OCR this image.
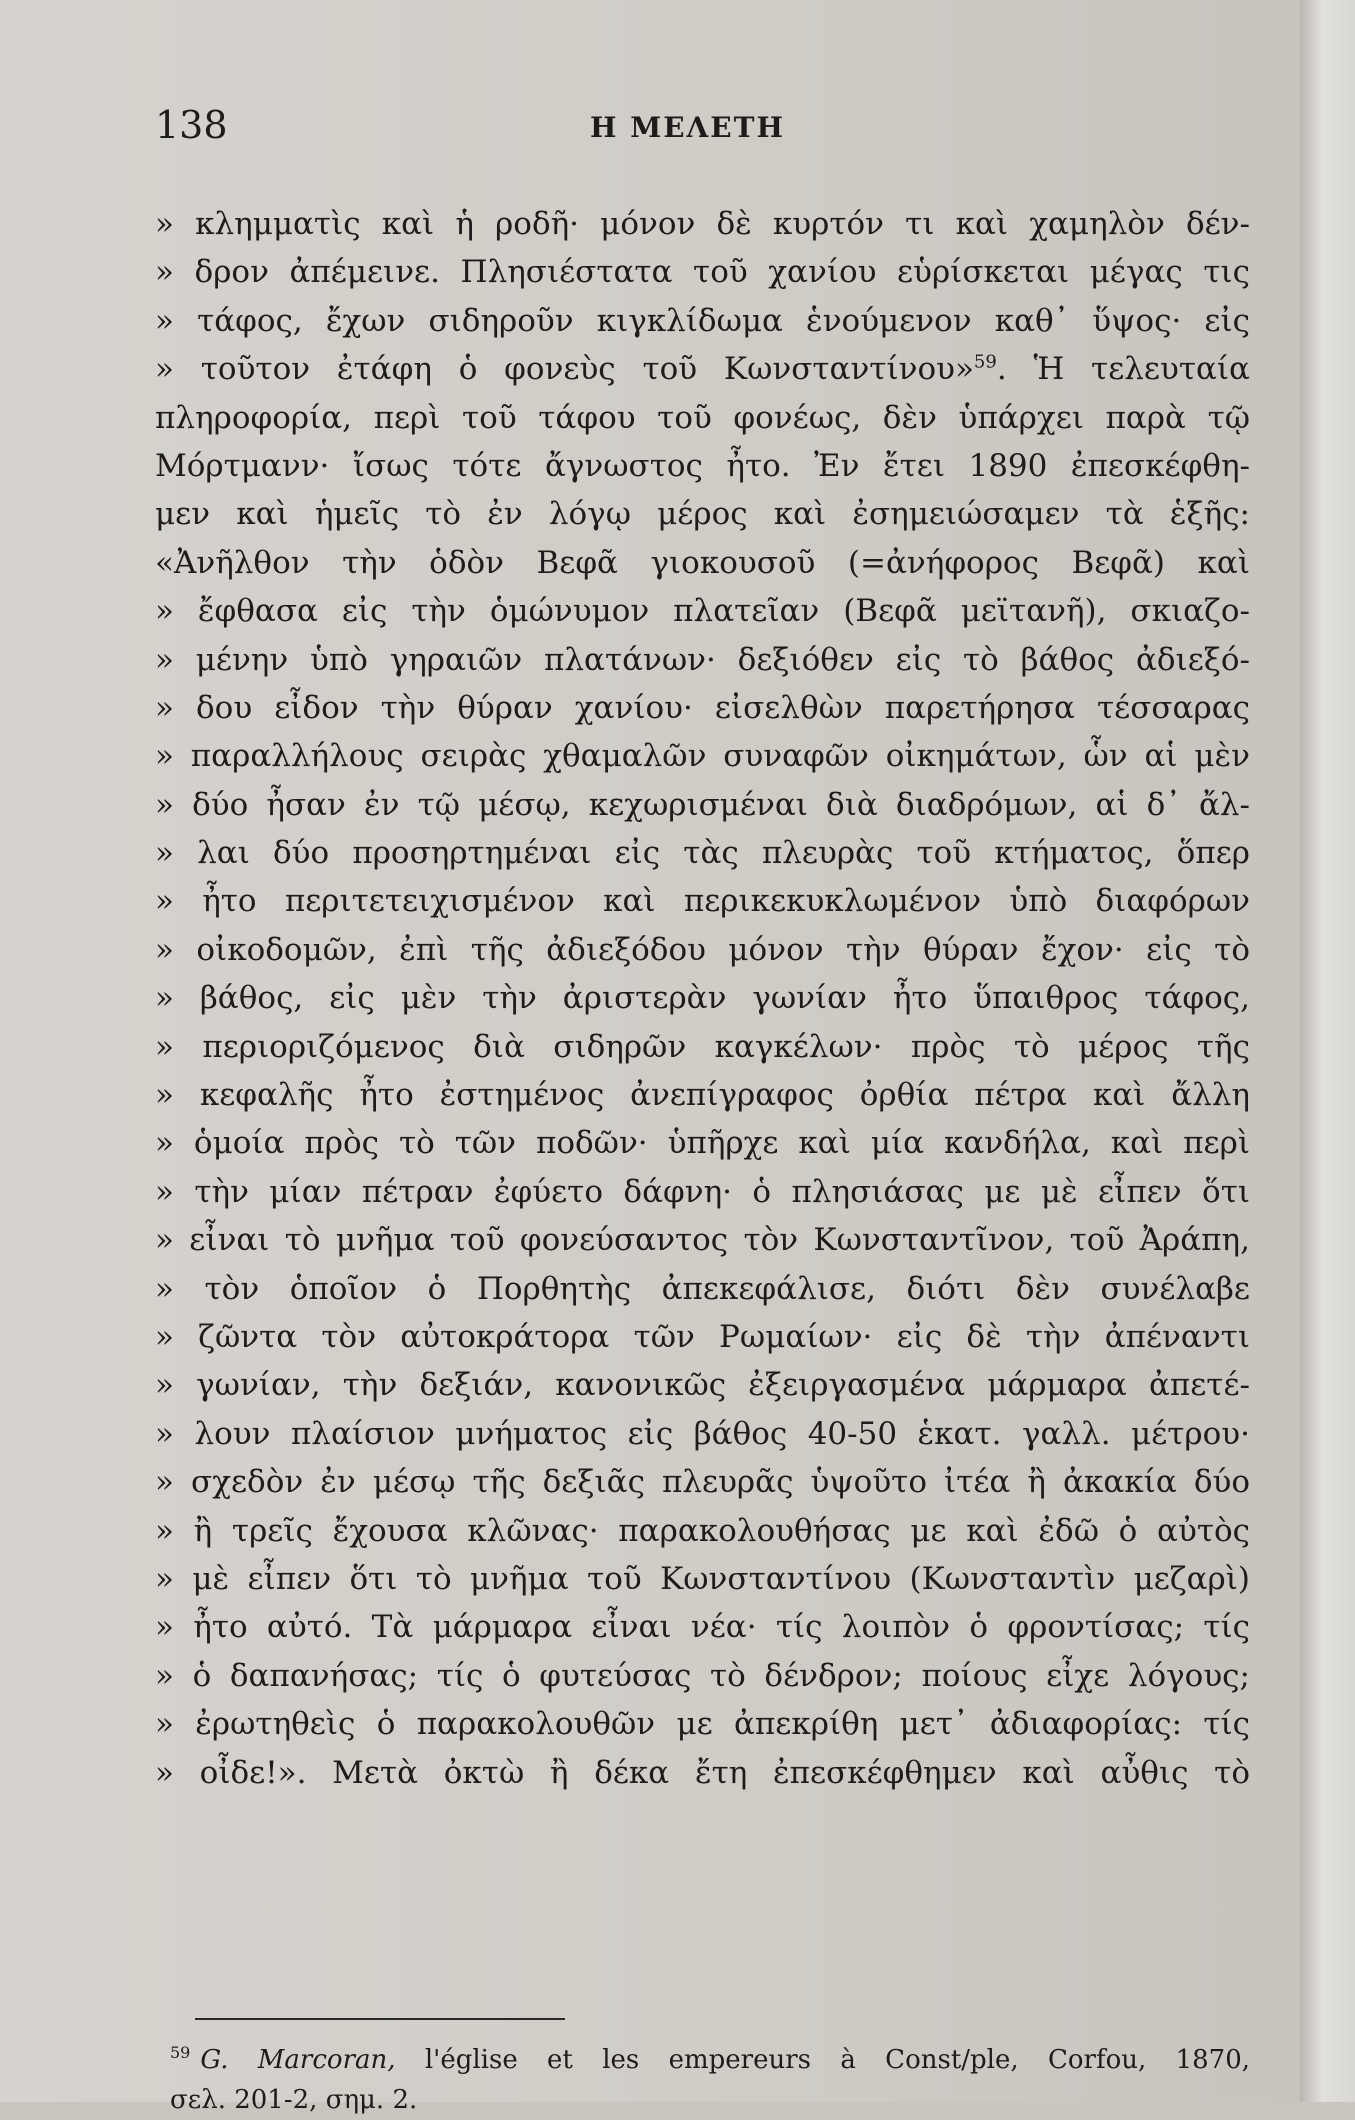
138	Η ΜΕΛΕΤΗ
» κλημματὶς καὶ ἡ ροδῆ· μόνον δὲ κυρτόν τι καὶ χαμηλὸν δέν-
» δρον ἀπέμεινε. Πλησιέστατα τοῦ χανίου εὑρίσκεται μέγας τις
» τάφος, ἔχων σιδηροῦν κιγκλίδωμα ἑνούμενον καθ᾽ ὕψος· εἰς
» τοῦτον ἐτάφη ὁ φονεὺς τοῦ Κωνσταντίνου»$^{59}$. Ἡ τελευταία
πληροφορία, περὶ τοῦ τάφου τοῦ φονέως, δὲν ὑπάρχει παρὰ τῷ
Μόρτμανν· ἴσως τότε ἄγνωστος ἦτο. Ἐν ἔτει 1890 ἐπεσκέφθη-
μεν καὶ ἡμεῖς τὸ ἐν λόγῳ μέρος καὶ ἐσημειώσαμεν τὰ ἑξῆς:
«Ἀνῆλθον τὴν ὁδὸν Βεφᾶ γιοκουσοῦ (=ἀνήφορος Βεφᾶ) καὶ
» ἔφθασα εἰς τὴν ὁμώνυμον πλατεῖαν (Βεφᾶ μεϊτανῆ), σκιαζο-
» μένην ὑπὸ γηραιῶν πλατάνων· δεξιόθεν εἰς τὸ βάθος ἀδιεξό-
» δου εἶδον τὴν θύραν χανίου· εἰσελθὼν παρετήρησα τέσσαρας
» παραλλήλους σειρὰς χθαμαλῶν συναφῶν οἰκημάτων, ὧν αἱ μὲν
» δύο ἦσαν ἐν τῷ μέσῳ, κεχωρισμέναι διὰ διαδρόμων, αἱ δ᾽ ἄλ-
» λαι δύο προσηρτημέναι εἰς τὰς πλευρὰς τοῦ κτήματος, ὅπερ
» ἦτο περιτετειχισμένον καὶ περικεκυκλωμένον ὑπὸ διαφόρων
» οἰκοδομῶν, ἐπὶ τῆς ἀδιεξόδου μόνον τὴν θύραν ἔχον· εἰς τὸ
» βάθος, εἰς μὲν τὴν ἀριστερὰν γωνίαν ἦτο ὕπαιθρος τάφος,
» περιοριζόμενος διὰ σιδηρῶν καγκέλων· πρὸς τὸ μέρος τῆς
» κεφαλῆς ἦτο ἐστημένος ἀνεπίγραφος ὀρθία πέτρα καὶ ἄλλη
» ὁμοία πρὸς τὸ τῶν ποδῶν· ὑπῆρχε καὶ μία κανδήλα, καὶ περὶ
» τὴν μίαν πέτραν ἐφύετο δάφνη· ὁ πλησιάσας με μὲ εἶπεν ὅτι
» εἶναι τὸ μνῆμα τοῦ φονεύσαντος τὸν Κωνσταντῖνον, τοῦ Ἀράπη,
» τὸν ὁποῖον ὁ Πορθητὴς ἀπεκεφάλισε, διότι δὲν συνέλαβε
» ζῶντα τὸν αὐτοκράτορα τῶν Ρωμαίων· εἰς δὲ τὴν ἀπέναντι
» γωνίαν, τὴν δεξιάν, κανονικῶς ἐξειργασμένα μάρμαρα ἀπετέ-
» λουν πλαίσιον μνήματος εἰς βάθος 40-50 ἑκατ. γαλλ. μέτρου·
» σχεδὸν ἐν μέσῳ τῆς δεξιᾶς πλευρᾶς ὑψοῦτο ἰτέα ἢ ἀκακία δύο
» ἢ τρεῖς ἔχουσα κλῶνας· παρακολουθήσας με καὶ ἐδῶ ὁ αὐτὸς
» μὲ εἶπεν ὅτι τὸ μνῆμα τοῦ Κωνσταντίνου (Κωνσταντὶν μεζαρὶ)
» ἦτο αὐτό. Τὰ μάρμαρα εἶναι νέα· τίς λοιπὸν ὁ φροντίσας; τίς
» ὁ δαπανήσας; τίς ὁ φυτεύσας τὸ δένδρον; ποίους εἶχε λόγους;
» ἐρωτηθεὶς ὁ παρακολουθῶν με ἀπεκρίθη μετ᾽ ἀδιαφορίας: τίς
» οἶδε!». Μετὰ ὀκτὼ ἢ δέκα ἔτη ἐπεσκέφθημεν καὶ αὖθις τὸ
$^{59}$ G. Marcoran, l'église et les empereurs à Const/ple, Corfou, 1870,
σελ. 201-2, σημ. 2.
